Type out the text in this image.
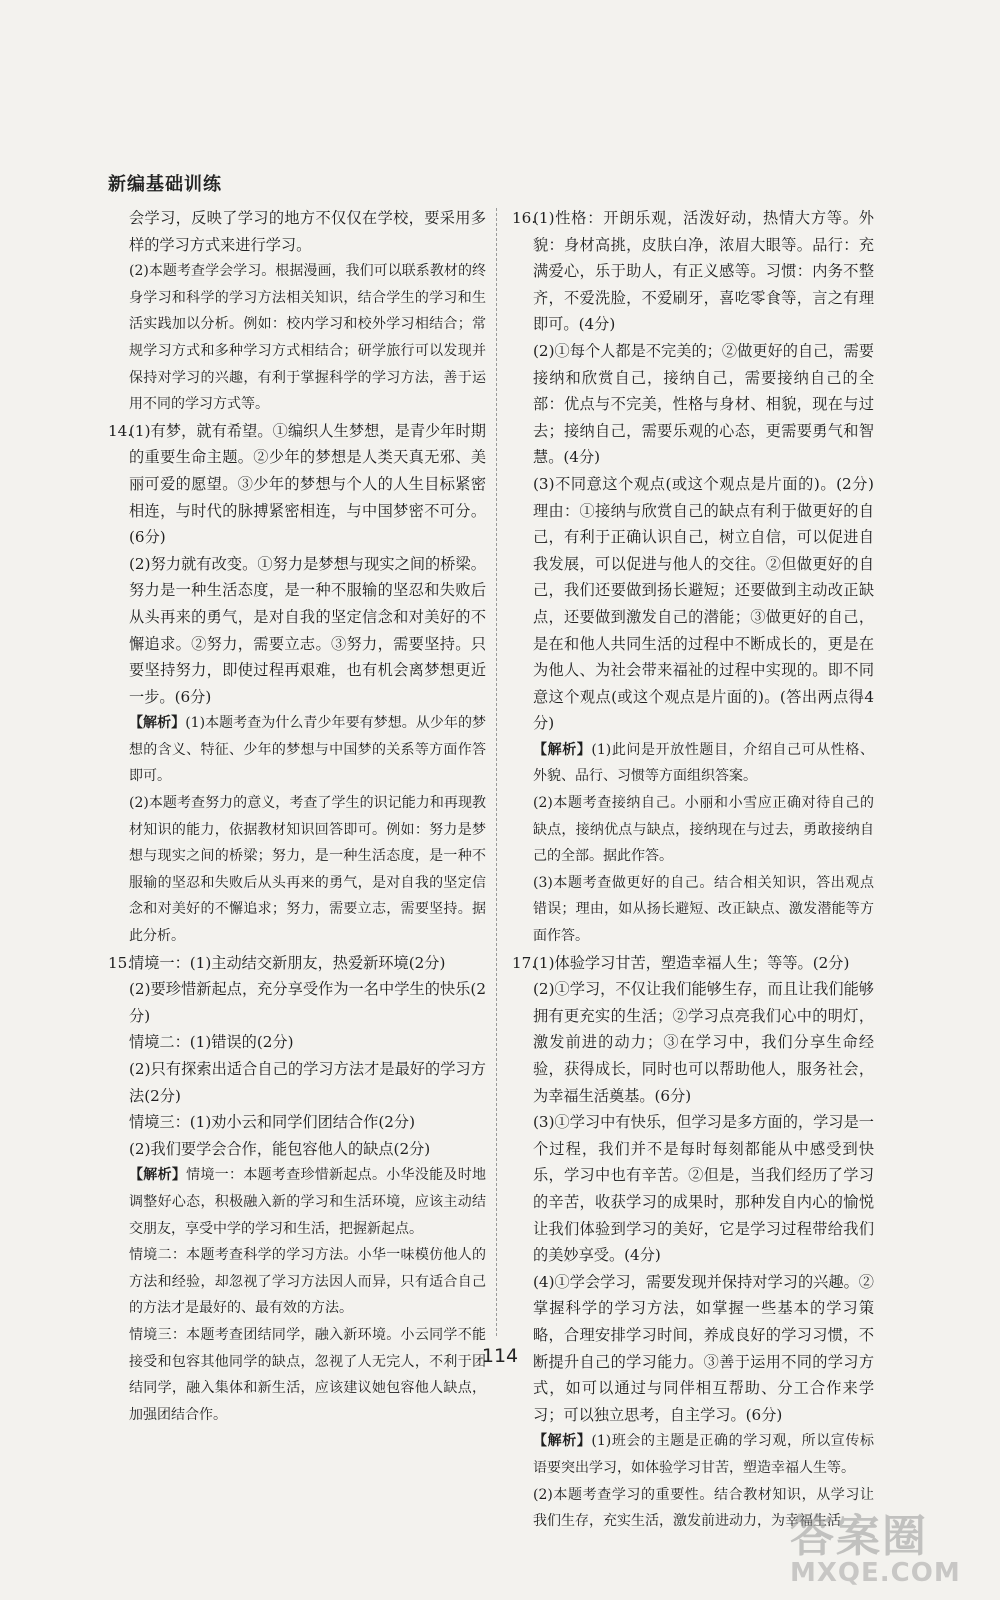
新编基础训练

会学习，反映了学习的地方不仅仅在学校，要采用多样的学习方式来进行学习。

(2)本题考查学会学习。根据漫画，我们可以联系教材的终身学习和科学的学习方法相关知识，结合学生的学习和生活实践加以分析。例如：校内学习和校外学习相结合；常规学习方式和多种学习方式相结合；研学旅行可以发现并保持对学习的兴趣，有利于掌握科学的学习方法，善于运用不同的学习方式等。

14.

(1)有梦，就有希望。①编织人生梦想，是青少年时期的重要生命主题。②少年的梦想是人类天真无邪、美丽可爱的愿望。③少年的梦想与个人的人生目标紧密相连，与时代的脉搏紧密相连，与中国梦密不可分。(6分)

(2)努力就有改变。①努力是梦想与现实之间的桥梁。努力是一种生活态度，是一种不服输的坚忍和失败后从头再来的勇气，是对自我的坚定信念和对美好的不懈追求。②努力，需要立志。③努力，需要坚持。只要坚持努力，即使过程再艰难，也有机会离梦想更近一步。(6分)

【解析】(1)本题考查为什么青少年要有梦想。从少年的梦想的含义、特征、少年的梦想与中国梦的关系等方面作答即可。

(2)本题考查努力的意义，考查了学生的识记能力和再现教材知识的能力，依据教材知识回答即可。例如：努力是梦想与现实之间的桥梁；努力，是一种生活态度，是一种不服输的坚忍和失败后从头再来的勇气，是对自我的坚定信念和对美好的不懈追求；努力，需要立志，需要坚持。据此分析。

15.

情境一：(1)主动结交新朋友，热爱新环境(2分)

(2)要珍惜新起点，充分享受作为一名中学生的快乐(2分)

情境二：(1)错误的(2分)

(2)只有探索出适合自己的学习方法才是最好的学习方法(2分)

情境三：(1)劝小云和同学们团结合作(2分)

(2)我们要学会合作，能包容他人的缺点(2分)

【解析】情境一：本题考查珍惜新起点。小华没能及时地调整好心态，积极融入新的学习和生活环境，应该主动结交朋友，享受中学的学习和生活，把握新起点。

情境二：本题考查科学的学习方法。小华一味模仿他人的方法和经验，却忽视了学习方法因人而异，只有适合自己的方法才是最好的、最有效的方法。

情境三：本题考查团结同学，融入新环境。小云同学不能接受和包容其他同学的缺点，忽视了人无完人，不利于团结同学，融入集体和新生活，应该建议她包容他人缺点，加强团结合作。

16.

(1)性格：开朗乐观，活泼好动，热情大方等。外貌：身材高挑，皮肤白净，浓眉大眼等。品行：充满爱心，乐于助人，有正义感等。习惯：内务不整齐，不爱洗脸，不爱刷牙，喜吃零食等，言之有理即可。(4分)

(2)①每个人都是不完美的；②做更好的自己，需要接纳和欣赏自己，接纳自己，需要接纳自己的全部：优点与不完美，性格与身材、相貌，现在与过去；接纳自己，需要乐观的心态，更需要勇气和智慧。(4分)

(3)不同意这个观点(或这个观点是片面的)。(2分)理由：①接纳与欣赏自己的缺点有利于做更好的自己，有利于正确认识自己，树立自信，可以促进自我发展，可以促进与他人的交往。②但做更好的自己，我们还要做到扬长避短；还要做到主动改正缺点，还要做到激发自己的潜能；③做更好的自己，是在和他人共同生活的过程中不断成长的，更是在为他人、为社会带来福祉的过程中实现的。即不同意这个观点(或这个观点是片面的)。(答出两点得4分)

【解析】(1)此问是开放性题目，介绍自己可从性格、外貌、品行、习惯等方面组织答案。

(2)本题考查接纳自己。小丽和小雪应正确对待自己的缺点，接纳优点与缺点，接纳现在与过去，勇敢接纳自己的全部。据此作答。

(3)本题考查做更好的自己。结合相关知识，答出观点错误；理由，如从扬长避短、改正缺点、激发潜能等方面作答。

17.

(1)体验学习甘苦，塑造幸福人生；等等。(2分)

(2)①学习，不仅让我们能够生存，而且让我们能够拥有更充实的生活；②学习点亮我们心中的明灯，激发前进的动力；③在学习中，我们分享生命经验，获得成长，同时也可以帮助他人，服务社会，为幸福生活奠基。(6分)

(3)①学习中有快乐，但学习是多方面的，学习是一个过程，我们并不是每时每刻都能从中感受到快乐，学习中也有辛苦。②但是，当我们经历了学习的辛苦，收获学习的成果时，那种发自内心的愉悦让我们体验到学习的美好，它是学习过程带给我们的美妙享受。(4分)

(4)①学会学习，需要发现并保持对学习的兴趣。②掌握科学的学习方法，如掌握一些基本的学习策略，合理安排学习时间，养成良好的学习习惯，不断提升自己的学习能力。③善于运用不同的学习方式，如可以通过与同伴相互帮助、分工合作来学习；可以独立思考，自主学习。(6分)

【解析】(1)班会的主题是正确的学习观，所以宣传标语要突出学习，如体验学习甘苦，塑造幸福人生等。

(2)本题考查学习的重要性。结合教材知识，从学习让我们生存，充实生活，激发前进动力，为幸福生活

114
答案圈
MXQE.COM
